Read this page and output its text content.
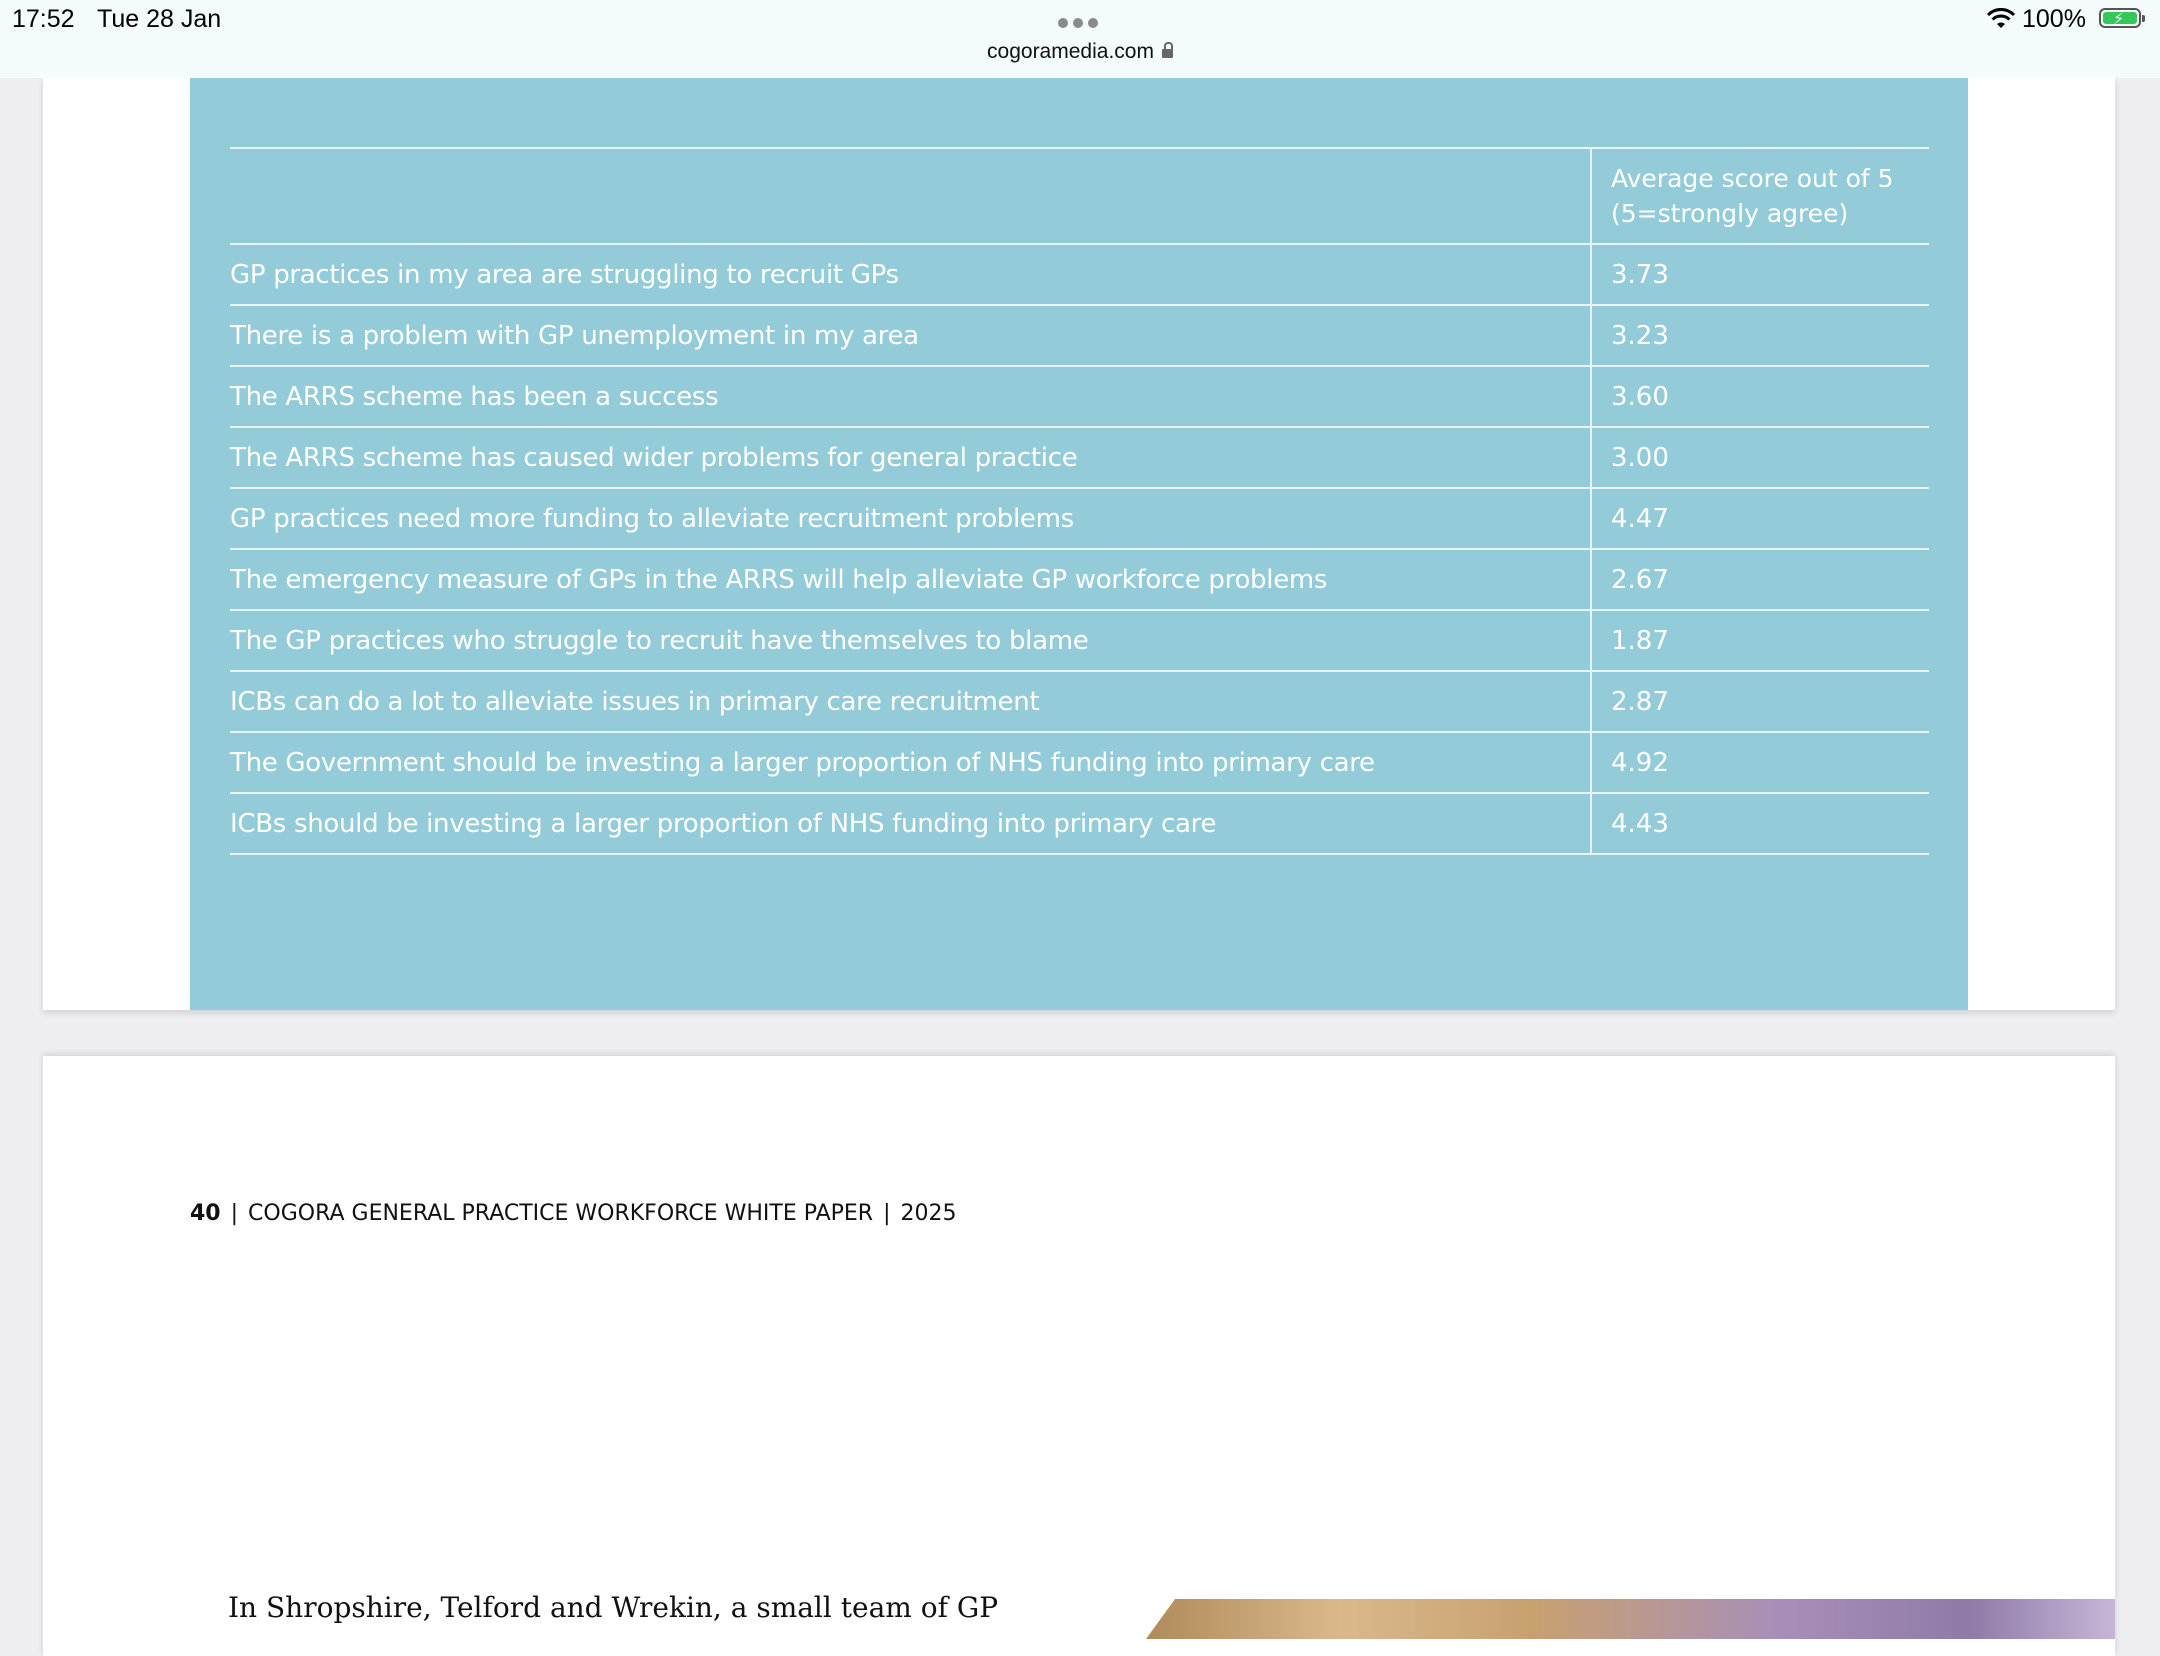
17:52 Tue 28 Jan
cogoramedia.com
100% ⚡
	Average score out of 5
(5=strongly agree)
GP practices in my area are struggling to recruit GPs	3.73
There is a problem with GP unemployment in my area	3.23
The ARRS scheme has been a success	3.60
The ARRS scheme has caused wider problems for general practice	3.00
GP practices need more funding to alleviate recruitment problems	4.47
The emergency measure of GPs in the ARRS will help alleviate GP workforce problems	2.67
The GP practices who struggle to recruit have themselves to blame	1.87
ICBs can do a lot to alleviate issues in primary care recruitment	2.87
The Government should be investing a larger proportion of NHS funding into primary care	4.92
ICBs should be investing a larger proportion of NHS funding into primary care	4.43
40 | COGORA GENERAL PRACTICE WORKFORCE WHITE PAPER | 2025
In Shropshire, Telford and Wrekin, a small team of GP
